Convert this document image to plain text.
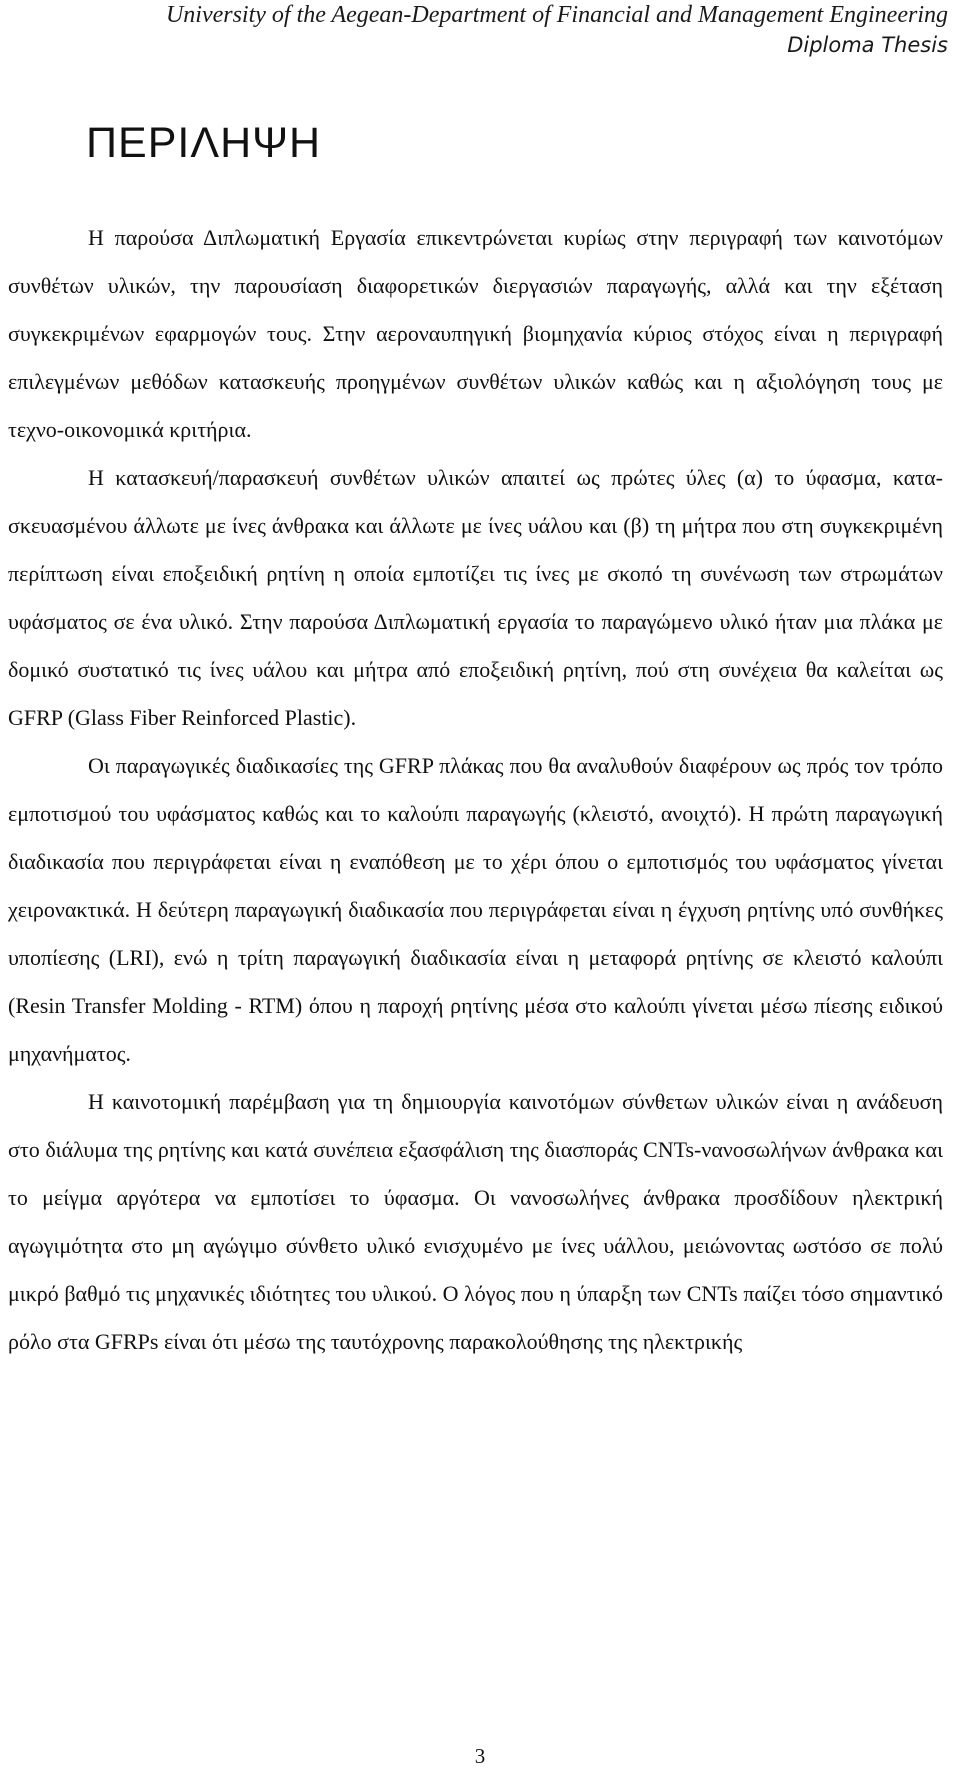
University of the Aegean-Department of Financial and Management Engineering
Diploma Thesis
ΠΕΡΙΛΗΨΗ

Η παρούσα Διπλωματική Εργασία επικεντρώνεται κυρίως στην περιγραφή των καινοτόμων συνθέτων υλικών, την παρουσίαση διαφορετικών διεργασιών παραγωγής, αλλά και την εξέταση συγκεκριμένων εφαρμογών τους. Στην αεροναυπηγική βιομηχανία κύριος στόχος είναι η περιγραφή επιλεγμένων μεθόδων κατασκευής προηγμένων συνθέτων υλικών καθώς και η αξιολόγηση τους με τεχνο-οικονομικά κριτήρια.

Η κατασκευή/παρασκευή συνθέτων υλικών απαιτεί ως πρώτες ύλες (α) το ύφασμα, κατα-σκευασμένου άλλωτε με ίνες άνθρακα και άλλωτε με ίνες υάλου και (β) τη μήτρα που στη συγκεκριμένη περίπτωση είναι εποξειδική ρητίνη η οποία εμποτίζει τις ίνες με σκοπό τη συνένωση των στρωμάτων υφάσματος σε ένα υλικό. Στην παρούσα Διπλωματική εργασία το παραγώμενο υλικό ήταν μια πλάκα με δομικό συστατικό τις ίνες υάλου και μήτρα από εποξειδική ρητίνη, πού στη συνέχεια θα καλείται ως GFRP (Glass Fiber Reinforced Plastic).

Οι παραγωγικές διαδικασίες της GFRP πλάκας που θα αναλυθούν διαφέρουν ως πρός τον τρόπο εμποτισμού του υφάσματος καθώς και το καλούπι παραγωγής (κλειστό, ανοιχτό). Η πρώτη παραγωγική διαδικασία που περιγράφεται είναι η εναπόθεση με το χέρι όπου ο εμποτισμός του υφάσματος γίνεται χειρονακτικά. Η δεύτερη παραγωγική διαδικασία που περιγράφεται είναι η έγχυση ρητίνης υπό συνθήκες υποπίεσης (LRI), ενώ η τρίτη παραγωγική διαδικασία είναι η μεταφορά ρητίνης σε κλειστό καλούπι (Resin Transfer Molding - RTM) όπου η παροχή ρητίνης μέσα στο καλούπι γίνεται μέσω πίεσης ειδικού μηχανήματος.

Η καινοτομική παρέμβαση για τη δημιουργία καινοτόμων σύνθετων υλικών είναι η ανάδευση στο διάλυμα της ρητίνης και κατά συνέπεια εξασφάλιση της διασποράς CNTs-νανοσωλήνων άνθρακα και το μείγμα αργότερα να εμποτίσει το ύφασμα. Οι νανοσωλήνες άνθρακα προσδίδουν ηλεκτρική αγωγιμότητα στο μη αγώγιμο σύνθετο υλικό ενισχυμένο με ίνες υάλλου, μειώνοντας ωστόσο σε πολύ μικρό βαθμό τις μηχανικές ιδιότητες του υλικού. Ο λόγος που η ύπαρξη των CNTs παίζει τόσο σημαντικό ρόλο στα GFRPs είναι ότι μέσω της ταυτόχρονης παρακολούθησης της ηλεκτρικής

3
